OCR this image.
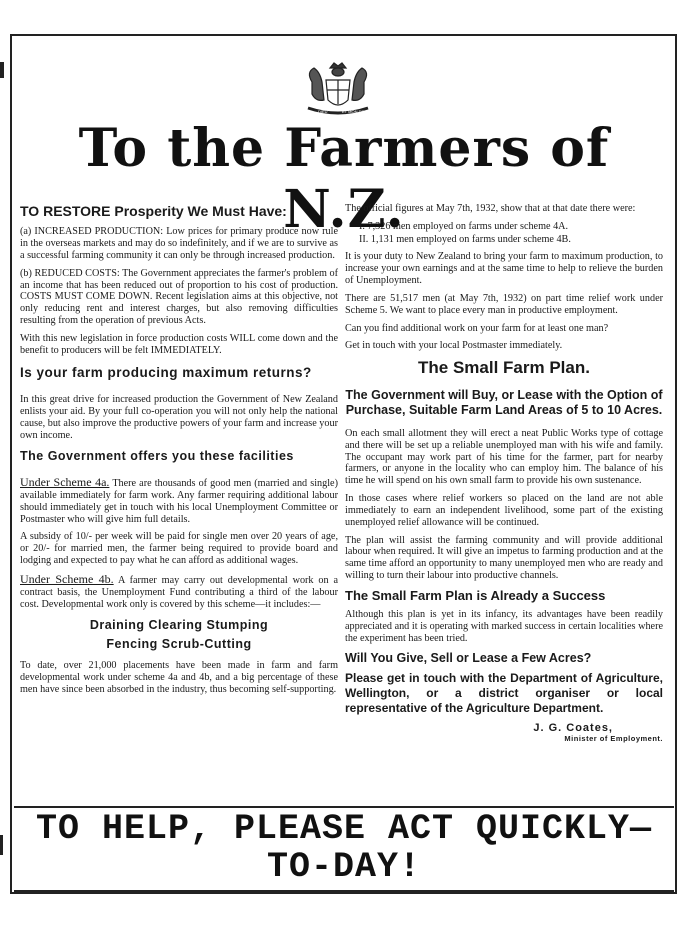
DIEU	ET MON DROIT
To the Farmers of N.Z.
TO RESTORE Prosperity We Must Have:

(a) INCREASED PRODUCTION: Low prices for primary produce now rule in the overseas markets and may do so indefinitely, and if we are to survive as a successful farming community it can only be through increased production.

(b) REDUCED COSTS: The Government appreciates the farmer's problem of an income that has been reduced out of proportion to his cost of production. COSTS MUST COME DOWN. Recent legislation aims at this objective, not only reducing rent and interest charges, but also removing difficulties resulting from the operation of previous Acts.

With this new legislation in force production costs WILL come down and the benefit to producers will be felt IMMEDIATELY.

Is your farm producing maximum returns?

In this great drive for increased production the Government of New Zealand enlists your aid. By your full co-operation you will not only help the national cause, but also improve the productive powers of your farm and increase your own income.

The Government offers you these facilities

Under Scheme 4a. There are thousands of good men (married and single) available immediately for farm work. Any farmer requiring additional labour should immediately get in touch with his local Unemployment Committee or Postmaster who will give him full details.

A subsidy of 10/- per week will be paid for single men over 20 years of age, or 20/- for married men, the farmer being required to provide board and lodging and expected to pay what he can afford as additional wages.

Under Scheme 4b. A farmer may carry out developmental work on a contract basis, the Unemployment Fund contributing a third of the labour cost. Developmental work only is covered by this scheme—it includes:—

Draining Clearing Stumping
Fencing Scrub-Cutting

To date, over 21,000 placements have been made in farm and farm developmental work under scheme 4a and 4b, and a big percentage of these men have since been absorbed in the industry, thus becoming self-supporting.

The official figures at May 7th, 1932, show that at that date there were:

I. 7,326 men employed on farms under scheme 4A.
II. 1,131 men employed on farms under scheme 4B.

It is your duty to New Zealand to bring your farm to maximum production, to increase your own earnings and at the same time to help to relieve the burden of Unemployment.

There are 51,517 men (at May 7th, 1932) on part time relief work under Scheme 5. We want to place every man in productive employment.

Can you find additional work on your farm for at least one man?

Get in touch with your local Postmaster immediately.

The Small Farm Plan.
The Government will Buy, or Lease with the Option of Purchase, Suitable Farm Land Areas of 5 to 10 Acres.

On each small allotment they will erect a neat Public Works type of cottage and there will be set up a reliable unemployed man with his wife and family. The occupant may work part of his time for the farmer, part for nearby farmers, or anyone in the locality who can employ him. The balance of his time he will spend on his own small farm to provide his own sustenance.

In those cases where relief workers so placed on the land are not able immediately to earn an independent livelihood, some part of the existing unemployed relief allowance will be continued.

The plan will assist the farming community and will provide additional labour when required. It will give an impetus to farming production and at the same time afford an opportunity to many unemployed men who are ready and willing to turn their labour into productive channels.

The Small Farm Plan is Already a Success

Although this plan is yet in its infancy, its advantages have been readily appreciated and it is operating with marked success in certain localities where the experiment has been tried.

Will You Give, Sell or Lease a Few Acres?

Please get in touch with the Department of Agriculture, Wellington, or a district organiser or local representative of the Agriculture Department.

J. G. Coates,
Minister of Employment.
TO HELP, PLEASE ACT QUICKLY—
TO-DAY!
